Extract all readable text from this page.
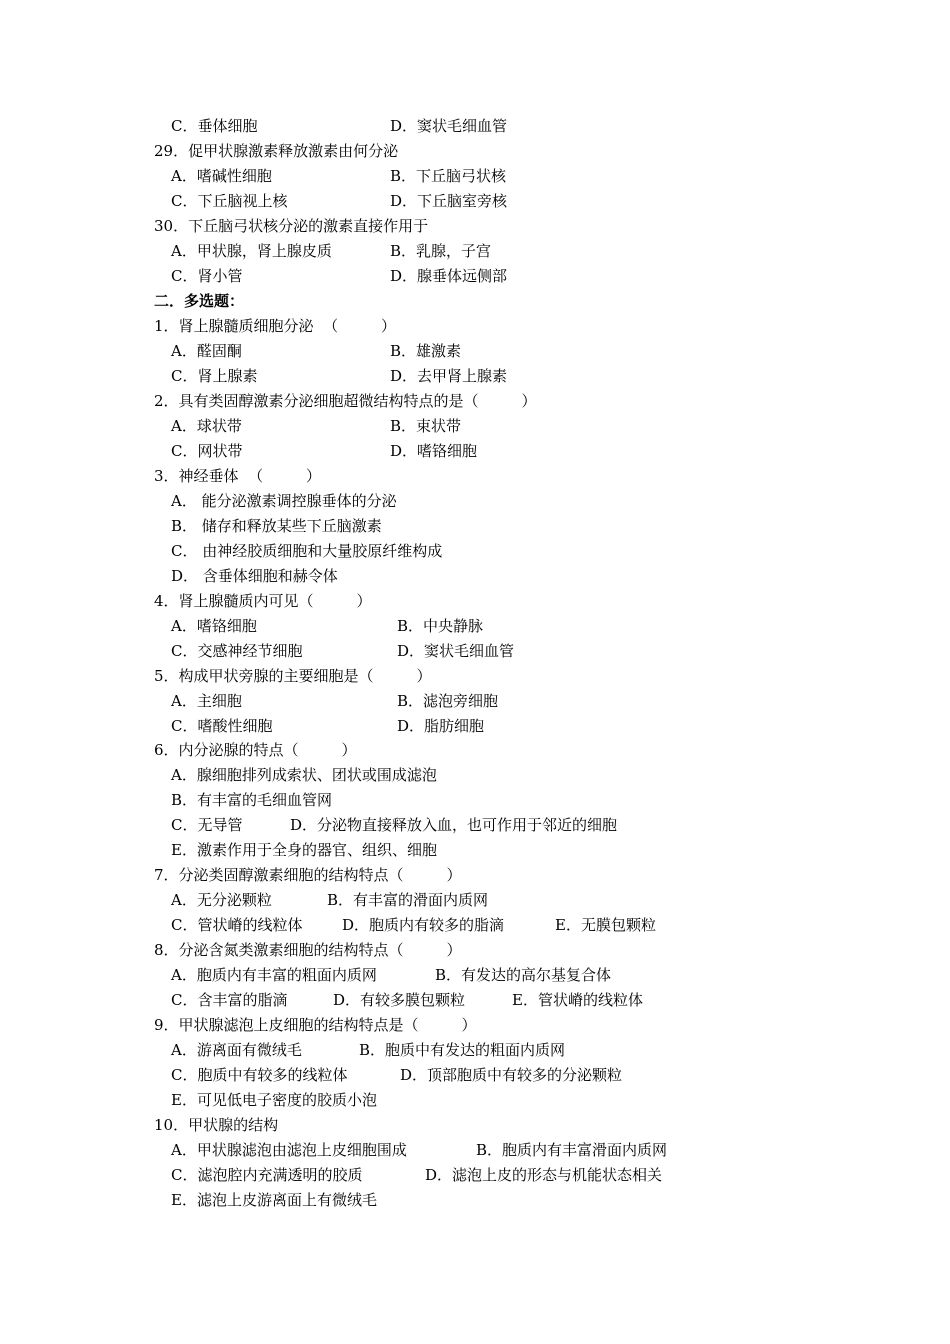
C．垂体细胞	D．窦状毛细血管
29．促甲状腺激素释放激素由何分泌
A．嗜碱性细胞	B．下丘脑弓状核
C．下丘脑视上核	D．下丘脑室旁核
30．下丘脑弓状核分泌的激素直接作用于
A．甲状腺，肾上腺皮质	B．乳腺，子宫
C．肾小管	D．腺垂体远侧部
二．多选题：
1．肾上腺髓质细胞分泌  （         ）
A．醛固酮	B．雄激素
C．肾上腺素	D．去甲肾上腺素
2．具有类固醇激素分泌细胞超微结构特点的是（         ）
A．球状带	B．束状带
C．网状带	D．嗜铬细胞
3．神经垂体  （         ）
A． 能分泌激素调控腺垂体的分泌
B． 储存和释放某些下丘脑激素
C． 由神经胶质细胞和大量胶原纤维构成
D． 含垂体细胞和赫令体
4．肾上腺髓质内可见（         ）
A．嗜铬细胞	B．中央静脉
C．交感神经节细胞	D．窦状毛细血管
5．构成甲状旁腺的主要细胞是（         ）
A．主细胞	B．滤泡旁细胞
C．嗜酸性细胞	D．脂肪细胞
6．内分泌腺的特点（         ）
A．腺细胞排列成索状、团状或围成滤泡
B．有丰富的毛细血管网
C．无导管	D．分泌物直接释放入血，也可作用于邻近的细胞
E．激素作用于全身的器官、组织、细胞
7．分泌类固醇激素细胞的结构特点（         ）
A．无分泌颗粒	B．有丰富的滑面内质网
C．管状嵴的线粒体	D．胞质内有较多的脂滴	E．无膜包颗粒
8．分泌含氮类激素细胞的结构特点（         ）
A．胞质内有丰富的粗面内质网	B．有发达的高尔基复合体
C．含丰富的脂滴	D．有较多膜包颗粒	E．管状嵴的线粒体
9．甲状腺滤泡上皮细胞的结构特点是（         ）
A．游离面有微绒毛	B．胞质中有发达的粗面内质网
C．胞质中有较多的线粒体	D．顶部胞质中有较多的分泌颗粒
E．可见低电子密度的胶质小泡
10．甲状腺的结构
A．甲状腺滤泡由滤泡上皮细胞围成	B．胞质内有丰富滑面内质网
C．滤泡腔内充满透明的胶质	D．滤泡上皮的形态与机能状态相关
E．滤泡上皮游离面上有微绒毛
